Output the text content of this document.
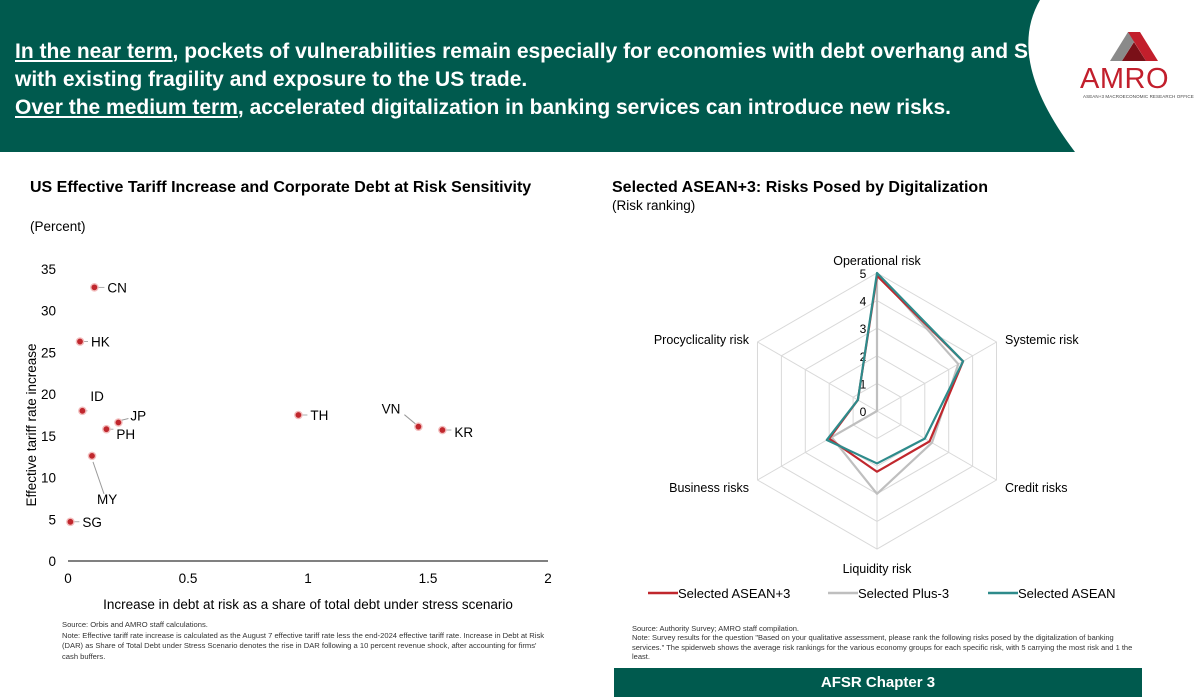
In the near term, pockets of vulnerabilities remain especially for economies with debt overhang and SMEs with existing fragility and exposure to the US trade.
Over the medium term, accelerated digitalization in banking services can introduce new risks.
AMRO
ASEAN+3 MACROECONOMIC RESEARCH OFFICE
US Effective Tariff Increase and Corporate Debt at Risk Sensitivity
(Percent)
0	0.5	1	1.5	2
0
5
10
15
20
25
30
35
CN
HK
ID
JP
PH
MY
SG
TH	VN
KR
Increase in debt at risk as a share of total debt under stress scenario
Effective tariff rate increase
Source: Orbis and AMRO staff calculations.
Note: Effective tariff rate increase is calculated as the August 7 effective tariff rate less the end-2024 effective tariff rate. Increase in Debt at Risk (DAR) as Share of Total Debt under Stress Scenario denotes the rise in DAR following a 10 percent revenue shock, after accounting for firms' cash buffers.
Selected ASEAN+3: Risks Posed by Digitalization
(Risk ranking)
0
1
2
3
4
5
Operational risk
Systemic risk
Credit risks
Liquidity risk
Business risks
Procyclicality risk
Selected ASEAN+3	Selected Plus-3	Selected ASEAN
Source: Authority Survey; AMRO staff compilation.
Note: Survey results for the question "Based on your qualitative assessment, please rank the following risks posed by the digitalization of banking services." The spiderweb shows the average risk rankings for the various economy groups for each specific risk, with 5 carrying the most risk and 1 the least.
AFSR Chapter 3
